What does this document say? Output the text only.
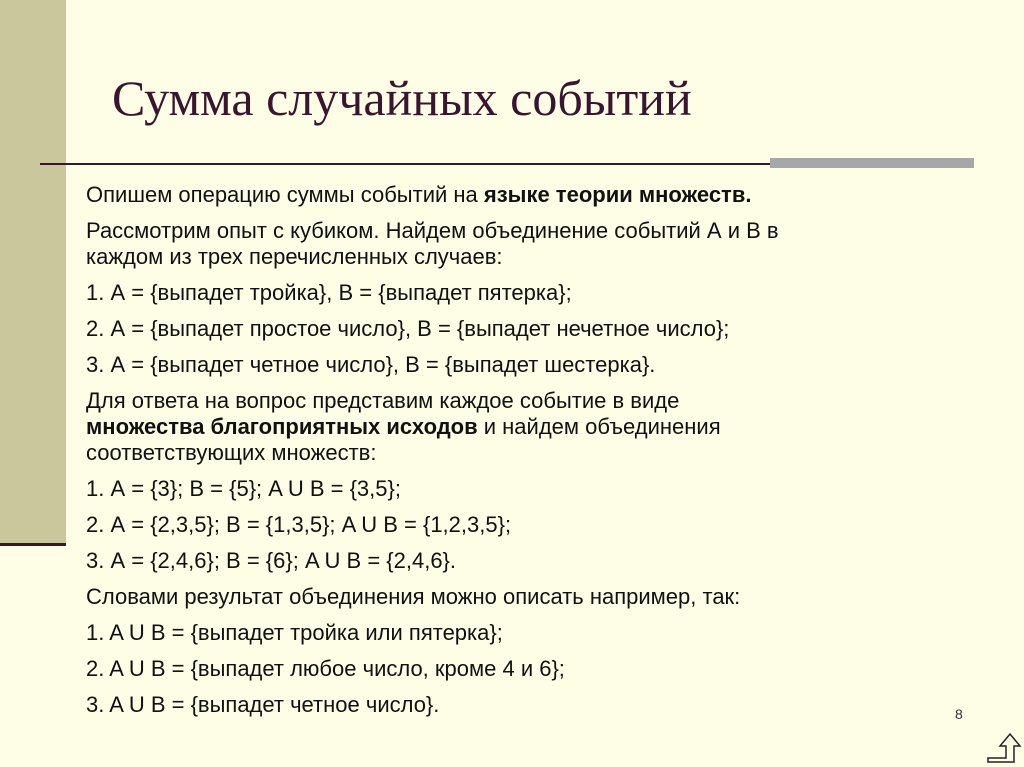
Сумма случайных событий
Опишем операцию суммы событий на языке теории множеств.
Рассмотрим опыт с кубиком. Найдем объединение событий А и В в
каждом из трех перечисленных случаев:
1. А = {выпадет тройка}, В = {выпадет пятерка};
2. А = {выпадет простое число}, В = {выпадет нечетное число};
3. А = {выпадет четное число}, В = {выпадет шестерка}.
Для ответа на вопрос представим каждое событие в виде
множества благоприятных исходов и найдем объединения
соответствующих множеств:
1. А = {3}; В = {5}; A U B = {3,5};
2. А = {2,3,5}; В = {1,3,5}; A U B = {1,2,3,5};
3. А = {2,4,6}; В = {6}; A U B = {2,4,6}.
Словами результат объединения можно описать например, так:
1. A U B = {выпадет тройка или пятерка};
2. A U B = {выпадет любое число, кроме 4 и 6};
3. A U B = {выпадет четное число}.	8
